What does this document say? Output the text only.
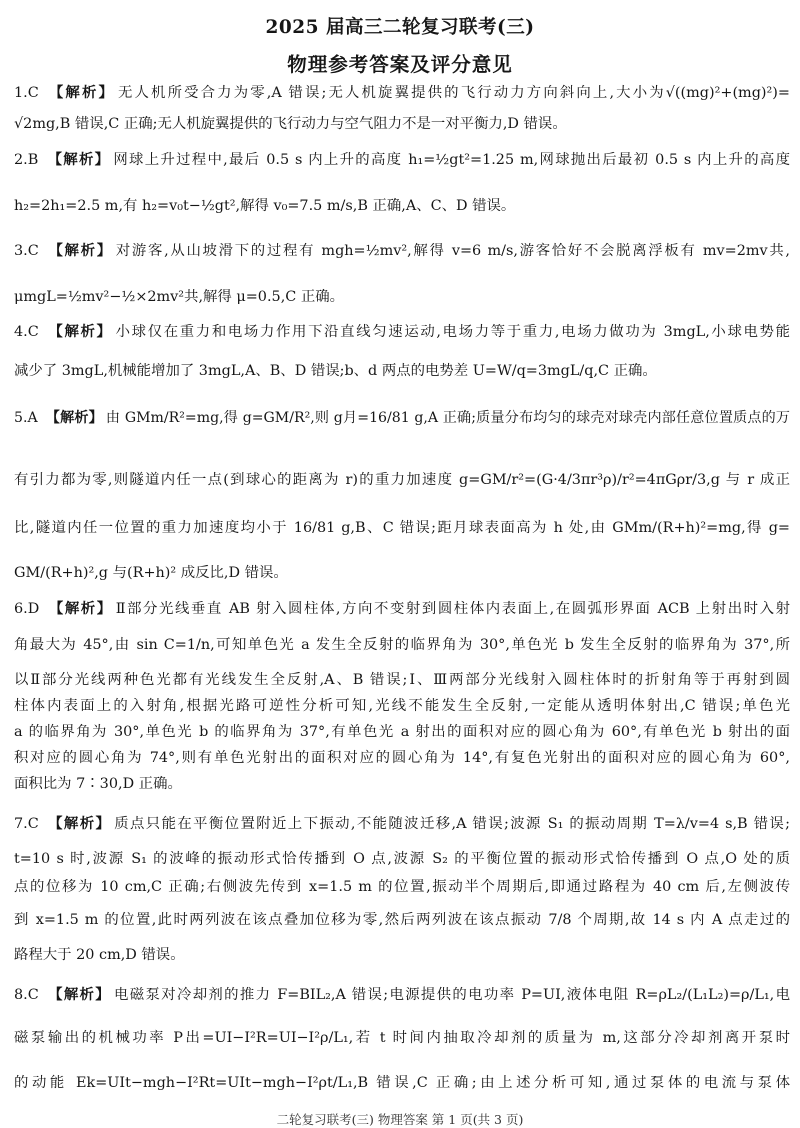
2025 届高三二轮复习联考(三)
物理参考答案及评分意见
1.C 【解析】 无人机所受合力为零,A 错误;无人机旋翼提供的飞行动力方向斜向上,大小为√((mg)²+(mg)²)=
√2mg,B 错误,C 正确;无人机旋翼提供的飞行动力与空气阻力不是一对平衡力,D 错误。
2.B 【解析】 网球上升过程中,最后 0.5 s 内上升的高度 h₁=½gt²=1.25 m,网球抛出后最初 0.5 s 内上升的高度
h₂=2h₁=2.5 m,有 h₂=v₀t−½gt²,解得 v₀=7.5 m/s,B 正确,A、C、D 错误。
3.C 【解析】 对游客,从山坡滑下的过程有 mgh=½mv²,解得 v=6 m/s,游客恰好不会脱离浮板有 mv=2mv共,
μmgL=½mv²−½×2mv²共,解得 μ=0.5,C 正确。
4.C 【解析】 小球仅在重力和电场力作用下沿直线匀速运动,电场力等于重力,电场力做功为 3mgL,小球电势能
减少了 3mgL,机械能增加了 3mgL,A、B、D 错误;b、d 两点的电势差 U=W/q=3mgL/q,C 正确。
5.A 【解析】 由 GMm/R²=mg,得 g=GM/R²,则 g月=16/81 g,A 正确;质量分布均匀的球壳对球壳内部任意位置质点的万
有引力都为零,则隧道内任一点(到球心的距离为 r)的重力加速度 g=GM/r²=(G·4/3πr³ρ)/r²=4πGρr/3,g 与 r 成正
比,隧道内任一位置的重力加速度均小于 16/81 g,B、C 错误;距月球表面高为 h 处,由 GMm/(R+h)²=mg,得 g=
GM/(R+h)²,g 与(R+h)² 成反比,D 错误。
6.D 【解析】 Ⅱ部分光线垂直 AB 射入圆柱体,方向不变射到圆柱体内表面上,在圆弧形界面 ACB 上射出时入射
角最大为 45°,由 sin C=1/n,可知单色光 a 发生全反射的临界角为 30°,单色光 b 发生全反射的临界角为 37°,所
以Ⅱ部分光线两种色光都有光线发生全反射,A、B 错误;Ⅰ、Ⅲ两部分光线射入圆柱体时的折射角等于再射到圆
柱体内表面上的入射角,根据光路可逆性分析可知,光线不能发生全反射,一定能从透明体射出,C 错误;单色光
a 的临界角为 30°,单色光 b 的临界角为 37°,有单色光 a 射出的面积对应的圆心角为 60°,有单色光 b 射出的面
积对应的圆心角为 74°,则有单色光射出的面积对应的圆心角为 14°,有复色光射出的面积对应的圆心角为 60°,
面积比为 7∶30,D 正确。
7.C 【解析】 质点只能在平衡位置附近上下振动,不能随波迁移,A 错误;波源 S₁ 的振动周期 T=λ/v=4 s,B 错误;
t=10 s 时,波源 S₁ 的波峰的振动形式恰传播到 O 点,波源 S₂ 的平衡位置的振动形式恰传播到 O 点,O 处的质
点的位移为 10 cm,C 正确;右侧波先传到 x=1.5 m 的位置,振动半个周期后,即通过路程为 40 cm 后,左侧波传
到 x=1.5 m 的位置,此时两列波在该点叠加位移为零,然后两列波在该点振动 7/8 个周期,故 14 s 内 A 点走过的
路程大于 20 cm,D 错误。
8.C 【解析】 电磁泵对冷却剂的推力 F=BIL₂,A 错误;电源提供的电功率 P=UI,液体电阻 R=ρL₂/(L₁L₂)=ρ/L₁,电
磁泵输出的机械功率 P出=UI−I²R=UI−I²ρ/L₁,若 t 时间内抽取冷却剂的质量为 m,这部分冷却剂离开泵时
的动能 Ek=UIt−mgh−I²Rt=UIt−mgh−I²ρt/L₁,B 错误,C 正确;由上述分析可知,通过泵体的电流与泵体
二轮复习联考(三) 物理答案 第 1 页(共 3 页)
